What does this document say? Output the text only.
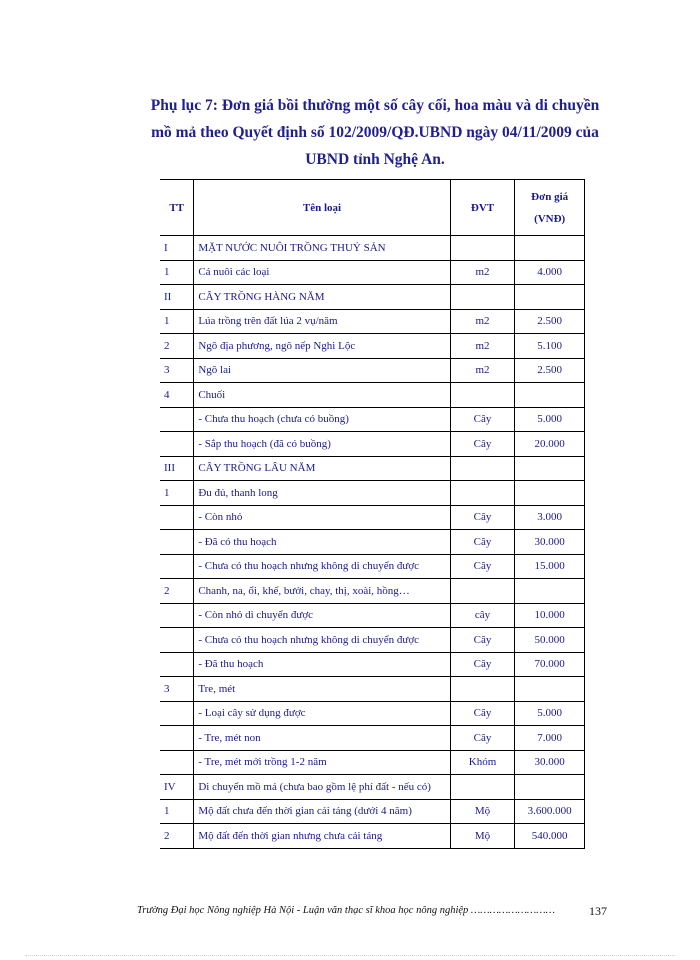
Phụ lục 7: Đơn giá bồi thường một số cây cối, hoa màu và di chuyền
mồ mả theo Quyết định số 102/2009/QĐ.UBND ngày 04/11/2009 của
UBND tỉnh Nghệ An.
TT	Tên loại	ĐVT	Đơn giá
(VNĐ)

I	MẶT NƯỚC NUÔI TRỒNG THUỶ SẢN		
1	Cá nuôi các loại	m2	4.000
II	CÂY TRỒNG HÀNG NĂM		
1	Lúa trồng trên đất lúa 2 vụ/năm	m2	2.500
2	Ngô địa phương, ngô nếp Nghi Lộc	m2	5.100
3	Ngô lai	m2	2.500
4	Chuối		
	- Chưa thu hoạch (chưa có buồng)	Cây	5.000
	- Sắp thu hoạch (đã có buồng)	Cây	20.000
III	CÂY TRỒNG LÂU NĂM		
1	Đu đủ, thanh long		
	- Còn nhỏ	Cây	3.000
	- Đã có thu hoạch	Cây	30.000
	- Chưa có thu hoạch nhưng không di chuyển được	Cây	15.000
2	Chanh, na, ổi, khế, bưởi, chay, thị, xoài, hồng…		
	- Còn nhỏ di chuyển được	cây	10.000
	- Chưa có thu hoạch nhưng không di chuyển được	Cây	50.000
	- Đã thu hoạch	Cây	70.000
3	Tre, mét		
	- Loại cây sử dụng được	Cây	5.000
	- Tre, mét non	Cây	7.000
	- Tre, mét mới trồng 1-2 năm	Khóm	30.000
IV	Di chuyển mồ mả (chưa bao gồm lệ phí đất - nếu có)		
1	Mộ đất chưa đến thời gian cải táng (dưới 4 năm)	Mộ	3.600.000
2	Mộ đất đến thời gian nhưng chưa cải táng	Mộ	540.000
Trường Đại học Nông nghiệp Hà Nội - Luận văn thạc sĩ khoa học nông nghiệp ………………………	137
